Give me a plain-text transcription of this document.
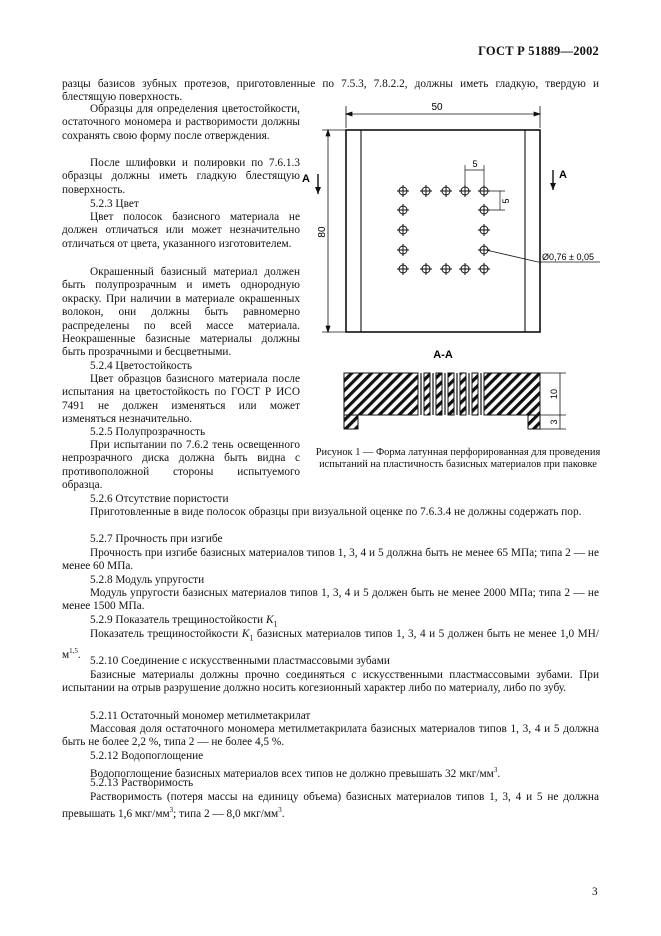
ГОСТ Р 51889—2002

разцы базисов зубных протезов, приготовленные по 7.5.3, 7.8.2.2, должны иметь гладкую, твердую и блестящую поверхность.

Образцы для определения цветостойкости, остаточного мономера и растворимости должны сохранять свою форму после отверждения.

После шлифовки и полировки по 7.6.1.3 образцы должны иметь гладкую блестящую поверхность.

5.2.3 Цвет

Цвет полосок базисного материала не должен отличаться или может незначительно отличаться от цвета, указанного изготовителем.

Окрашенный базисный материал должен быть полупрозрачным и иметь однородную окраску. При наличии в материале окрашенных волокон, они должны быть равномерно распределены по всей массе материала. Неокрашенные базисные материалы должны быть прозрачными и бесцветными.

5.2.4 Цветостойкость

Цвет образцов базисного материала после испытания на цветостойкость по ГОСТ Р ИСО 7491 не должен изменяться или может изменяться незначительно.

5.2.5 Полупрозрачность

При испытании по 7.6.2 тень освещенного непрозрачного диска должна быть видна с противоположной стороны испытуемого образца.

Рисунок 1 — Форма латунная перфорированная для проведения испытаний на пластичность базисных материалов при паковке
5.2.6 Отсутствие пористости

Приготовленные в виде полосок образцы при визуальной оценке по 7.6.3.4 не должны содержать пор.

5.2.7 Прочность при изгибе

Прочность при изгибе базисных материалов типов 1, 3, 4 и 5 должна быть не менее 65 МПа; типа 2 — не менее 60 МПа.

5.2.8 Модуль упругости

Модуль упругости базисных материалов типов 1, 3, 4 и 5 должен быть не менее 2000 МПа; типа 2 — не менее 1500 МПа.

5.2.9 Показатель трещиностойкости $K_1$

Показатель трещиностойкости $K_1$ базисных материалов типов 1, 3, 4 и 5 должен быть не менее 1,0 $МН/м^{1,5}$.

5.2.10 Соединение с искусственными пластмассовыми зубами

Базисные материалы должны прочно соединяться с искусственными пластмассовыми зубами. При испытании на отрыв разрушение должно носить когезионный характер либо по материалу, либо по зубу.

5.2.11 Остаточный мономер метилметакрилат

Массовая доля остаточного мономера метилметакрилата базисных материалов типов 1, 3, 4 и 5 должна быть не более 2,2 %, типа 2 — не более 4,5 %.

5.2.12 Водопоглощение

Водопоглощение базисных материалов всех типов не должно превышать 32 мкг/$мм^3$.

5.2.13 Растворимость

Растворимость (потеря массы на единицу объема) базисных материалов типов 1, 3, 4 и 5 не должна превышать 1,6 мкг/$мм^3$; типа 2 — 8,0 мкг/$мм^3$.

3
50
80
A	A
5
5
Ø0,76 ± 0,05
А-А
10
3
